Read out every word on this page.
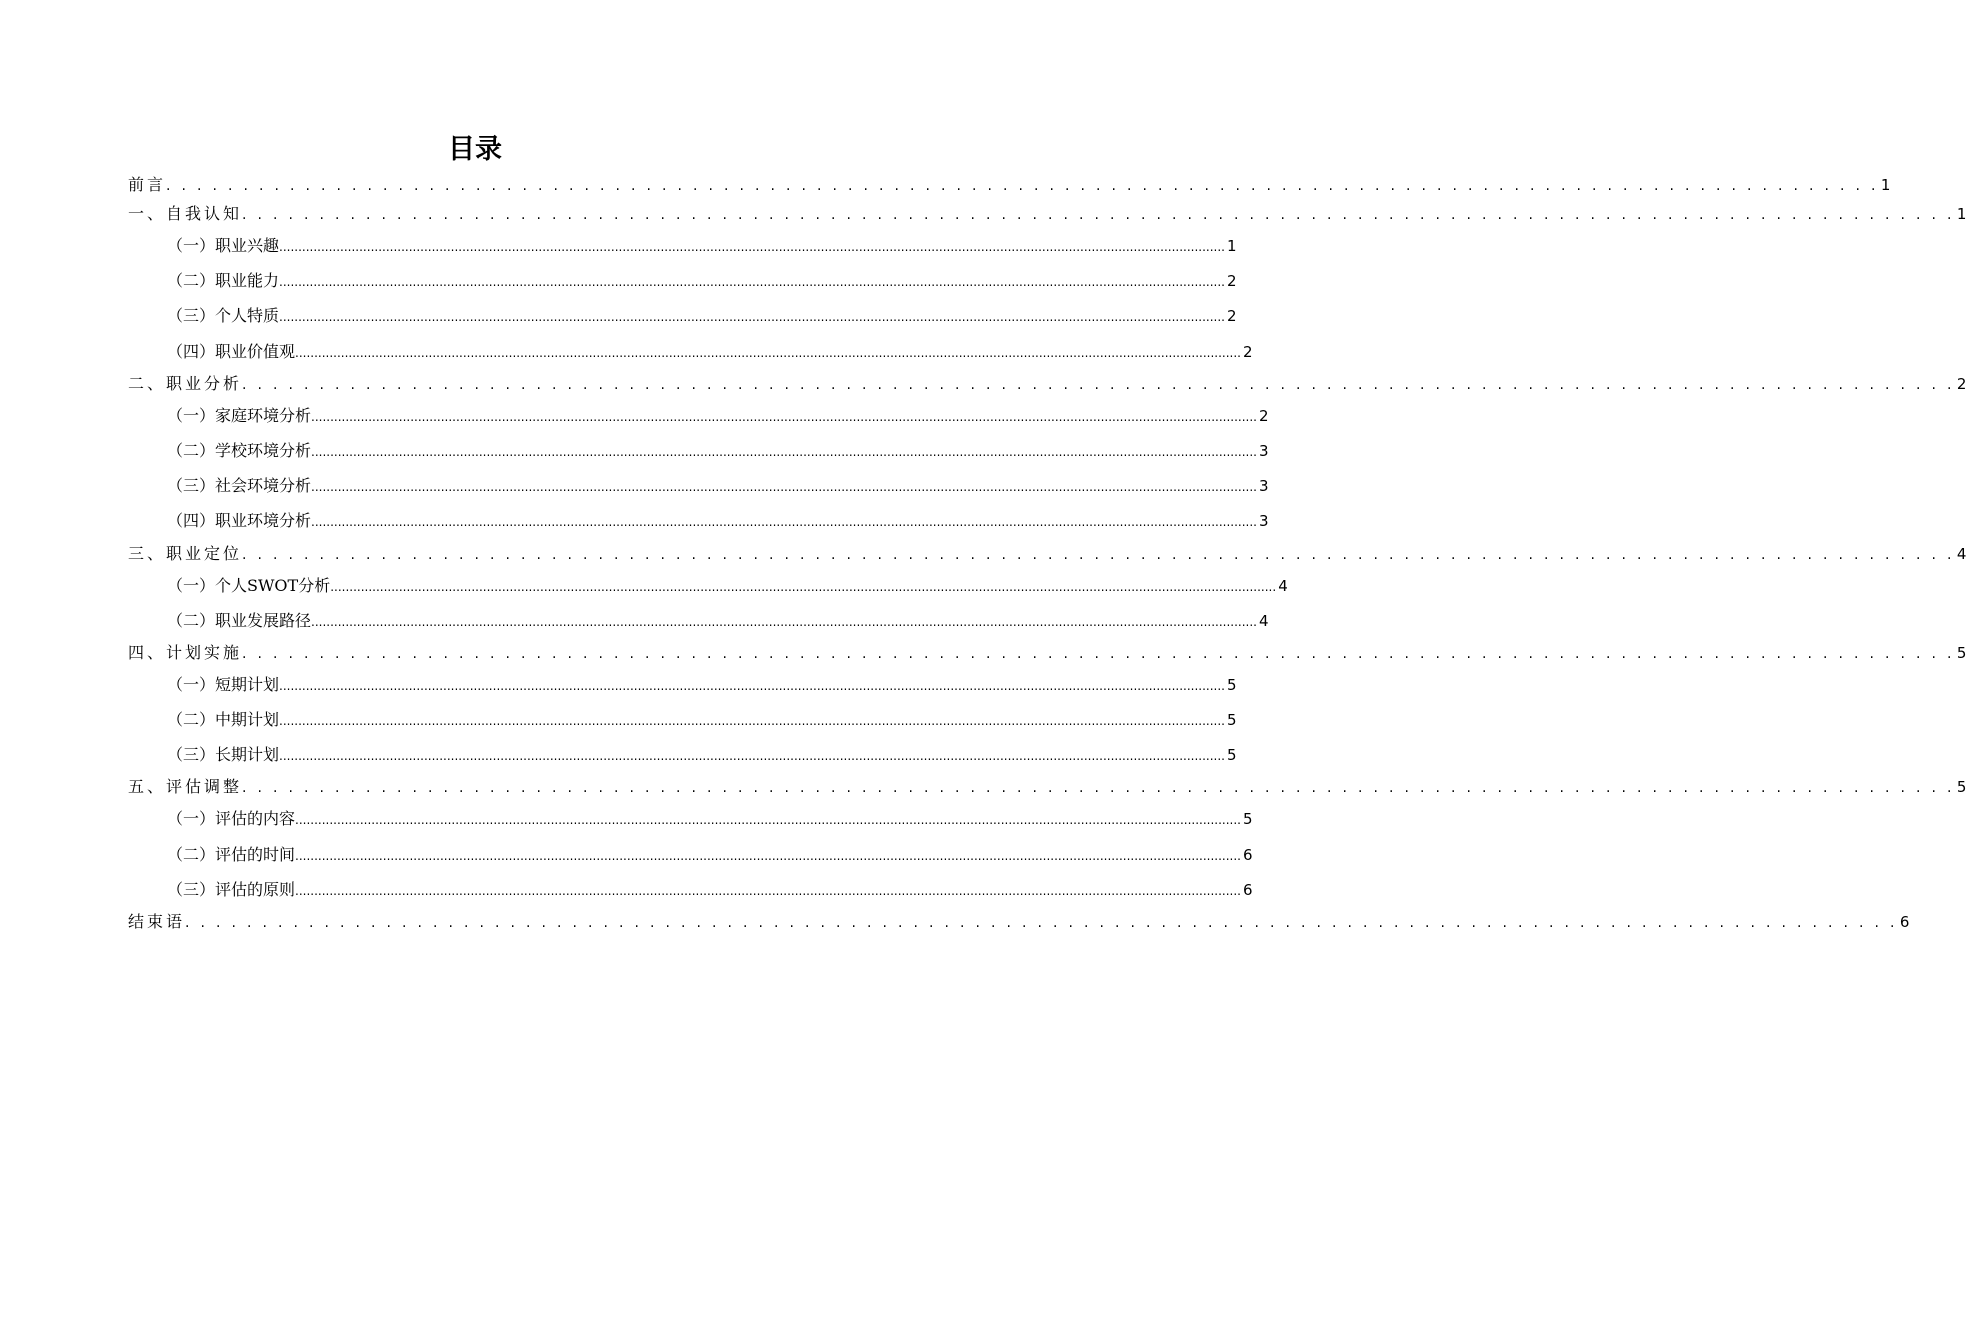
目录
前言 . . . . . . . . . . . . . . . . . . . . . . . . . . . . . . . . . . . . . . . . . . . . . . . . . . . . . . . . . . . . . . . . . . . . . . . . . . . . . . . . . . . . . . . . . . . . . . . . . . . . . . . . . . . . . . . 1
一、自我认知 . . . . . . . . . . . . . . . . . . . . . . . . . . . . . . . . . . . . . . . . . . . . . . . . . . . . . . . . . . . . . . . . . . . . . . . . . . . . . . . . . . . . . . . . . . . . . . . . . . . . . . . . . . . . . . . 1
（一）职业兴趣 ........................................................................................................................................................................................................................................................ 1
（二）职业能力 ........................................................................................................................................................................................................................................................ 2
（三）个人特质 ........................................................................................................................................................................................................................................................ 2
（四）职业价值观 ........................................................................................................................................................................................................................................................ 2
二、职业分析 . . . . . . . . . . . . . . . . . . . . . . . . . . . . . . . . . . . . . . . . . . . . . . . . . . . . . . . . . . . . . . . . . . . . . . . . . . . . . . . . . . . . . . . . . . . . . . . . . . . . . . . . . . . . . . . 2
（一）家庭环境分析 ........................................................................................................................................................................................................................................................ 2
（二）学校环境分析 ........................................................................................................................................................................................................................................................ 3
（三）社会环境分析 ........................................................................................................................................................................................................................................................ 3
（四）职业环境分析 ........................................................................................................................................................................................................................................................ 3
三、职业定位 . . . . . . . . . . . . . . . . . . . . . . . . . . . . . . . . . . . . . . . . . . . . . . . . . . . . . . . . . . . . . . . . . . . . . . . . . . . . . . . . . . . . . . . . . . . . . . . . . . . . . . . . . . . . . . . 4
（一）个人SWOT分析 ........................................................................................................................................................................................................................................................ 4
（二）职业发展路径 ........................................................................................................................................................................................................................................................ 4
四、计划实施 . . . . . . . . . . . . . . . . . . . . . . . . . . . . . . . . . . . . . . . . . . . . . . . . . . . . . . . . . . . . . . . . . . . . . . . . . . . . . . . . . . . . . . . . . . . . . . . . . . . . . . . . . . . . . . . 5
（一）短期计划 ........................................................................................................................................................................................................................................................ 5
（二）中期计划 ........................................................................................................................................................................................................................................................ 5
（三）长期计划 ........................................................................................................................................................................................................................................................ 5
五、评估调整 . . . . . . . . . . . . . . . . . . . . . . . . . . . . . . . . . . . . . . . . . . . . . . . . . . . . . . . . . . . . . . . . . . . . . . . . . . . . . . . . . . . . . . . . . . . . . . . . . . . . . . . . . . . . . . . 5
（一）评估的内容 ........................................................................................................................................................................................................................................................ 5
（二）评估的时间 ........................................................................................................................................................................................................................................................ 6
（三）评估的原则 ........................................................................................................................................................................................................................................................ 6
结束语 . . . . . . . . . . . . . . . . . . . . . . . . . . . . . . . . . . . . . . . . . . . . . . . . . . . . . . . . . . . . . . . . . . . . . . . . . . . . . . . . . . . . . . . . . . . . . . . . . . . . . . . . . . . . . . . 6
